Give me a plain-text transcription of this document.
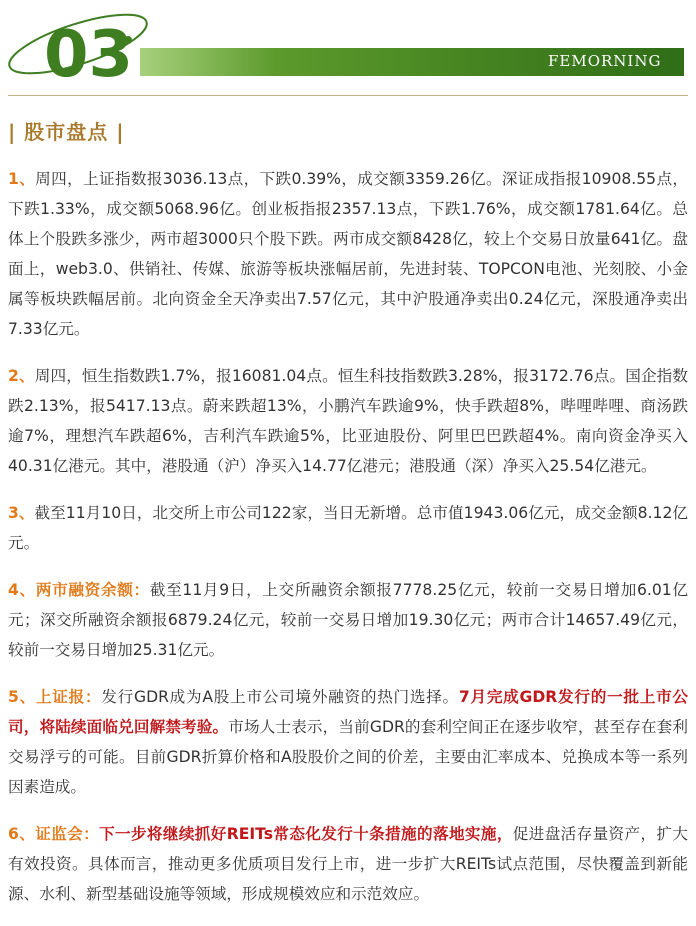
03	FEMORNING
| 股市盘点 |

1、周四，上证指数报3036.13点，下跌0.39%，成交额3359.26亿。深证成指报10908.55点，下跌1.33%，成交额5068.96亿。创业板指报2357.13点，下跌1.76%，成交额1781.64亿。总体上个股跌多涨少，两市超3000只个股下跌。两市成交额8428亿，较上个交易日放量641亿。盘面上，web3.0、供销社、传媒、旅游等板块涨幅居前，先进封装、TOPCON电池、光刻胶、小金属等板块跌幅居前。北向资金全天净卖出7.57亿元，其中沪股通净卖出0.24亿元，深股通净卖出7.33亿元。

2、周四，恒生指数跌1.7%，报16081.04点。恒生科技指数跌3.28%，报3172.76点。国企指数跌2.13%，报5417.13点。蔚来跌超13%，小鹏汽车跌逾9%，快手跌超8%，哔哩哔哩、商汤跌逾7%，理想汽车跌超6%，吉利汽车跌逾5%，比亚迪股份、阿里巴巴跌超4%。南向资金净买入40.31亿港元。其中，港股通（沪）净买入14.77亿港元；港股通（深）净买入25.54亿港元。

3、截至11月10日，北交所上市公司122家，当日无新增。总市值1943.06亿元，成交金额8.12亿元。

4、两市融资余额：截至11月9日，上交所融资余额报7778.25亿元，较前一交易日增加6.01亿元；深交所融资余额报6879.24亿元，较前一交易日增加19.30亿元；两市合计14657.49亿元，较前一交易日增加25.31亿元。

5、上证报：发行GDR成为A股上市公司境外融资的热门选择。7月完成GDR发行的一批上市公司，将陆续面临兑回解禁考验。市场人士表示，当前GDR的套利空间正在逐步收窄，甚至存在套利交易浮亏的可能。目前GDR折算价格和A股股价之间的价差，主要由汇率成本、兑换成本等一系列因素造成。

6、证监会：下一步将继续抓好REITs常态化发行十条措施的落地实施，促进盘活存量资产，扩大有效投资。具体而言，推动更多优质项目发行上市，进一步扩大REITs试点范围，尽快覆盖到新能源、水利、新型基础设施等领域，形成规模效应和示范效应。
